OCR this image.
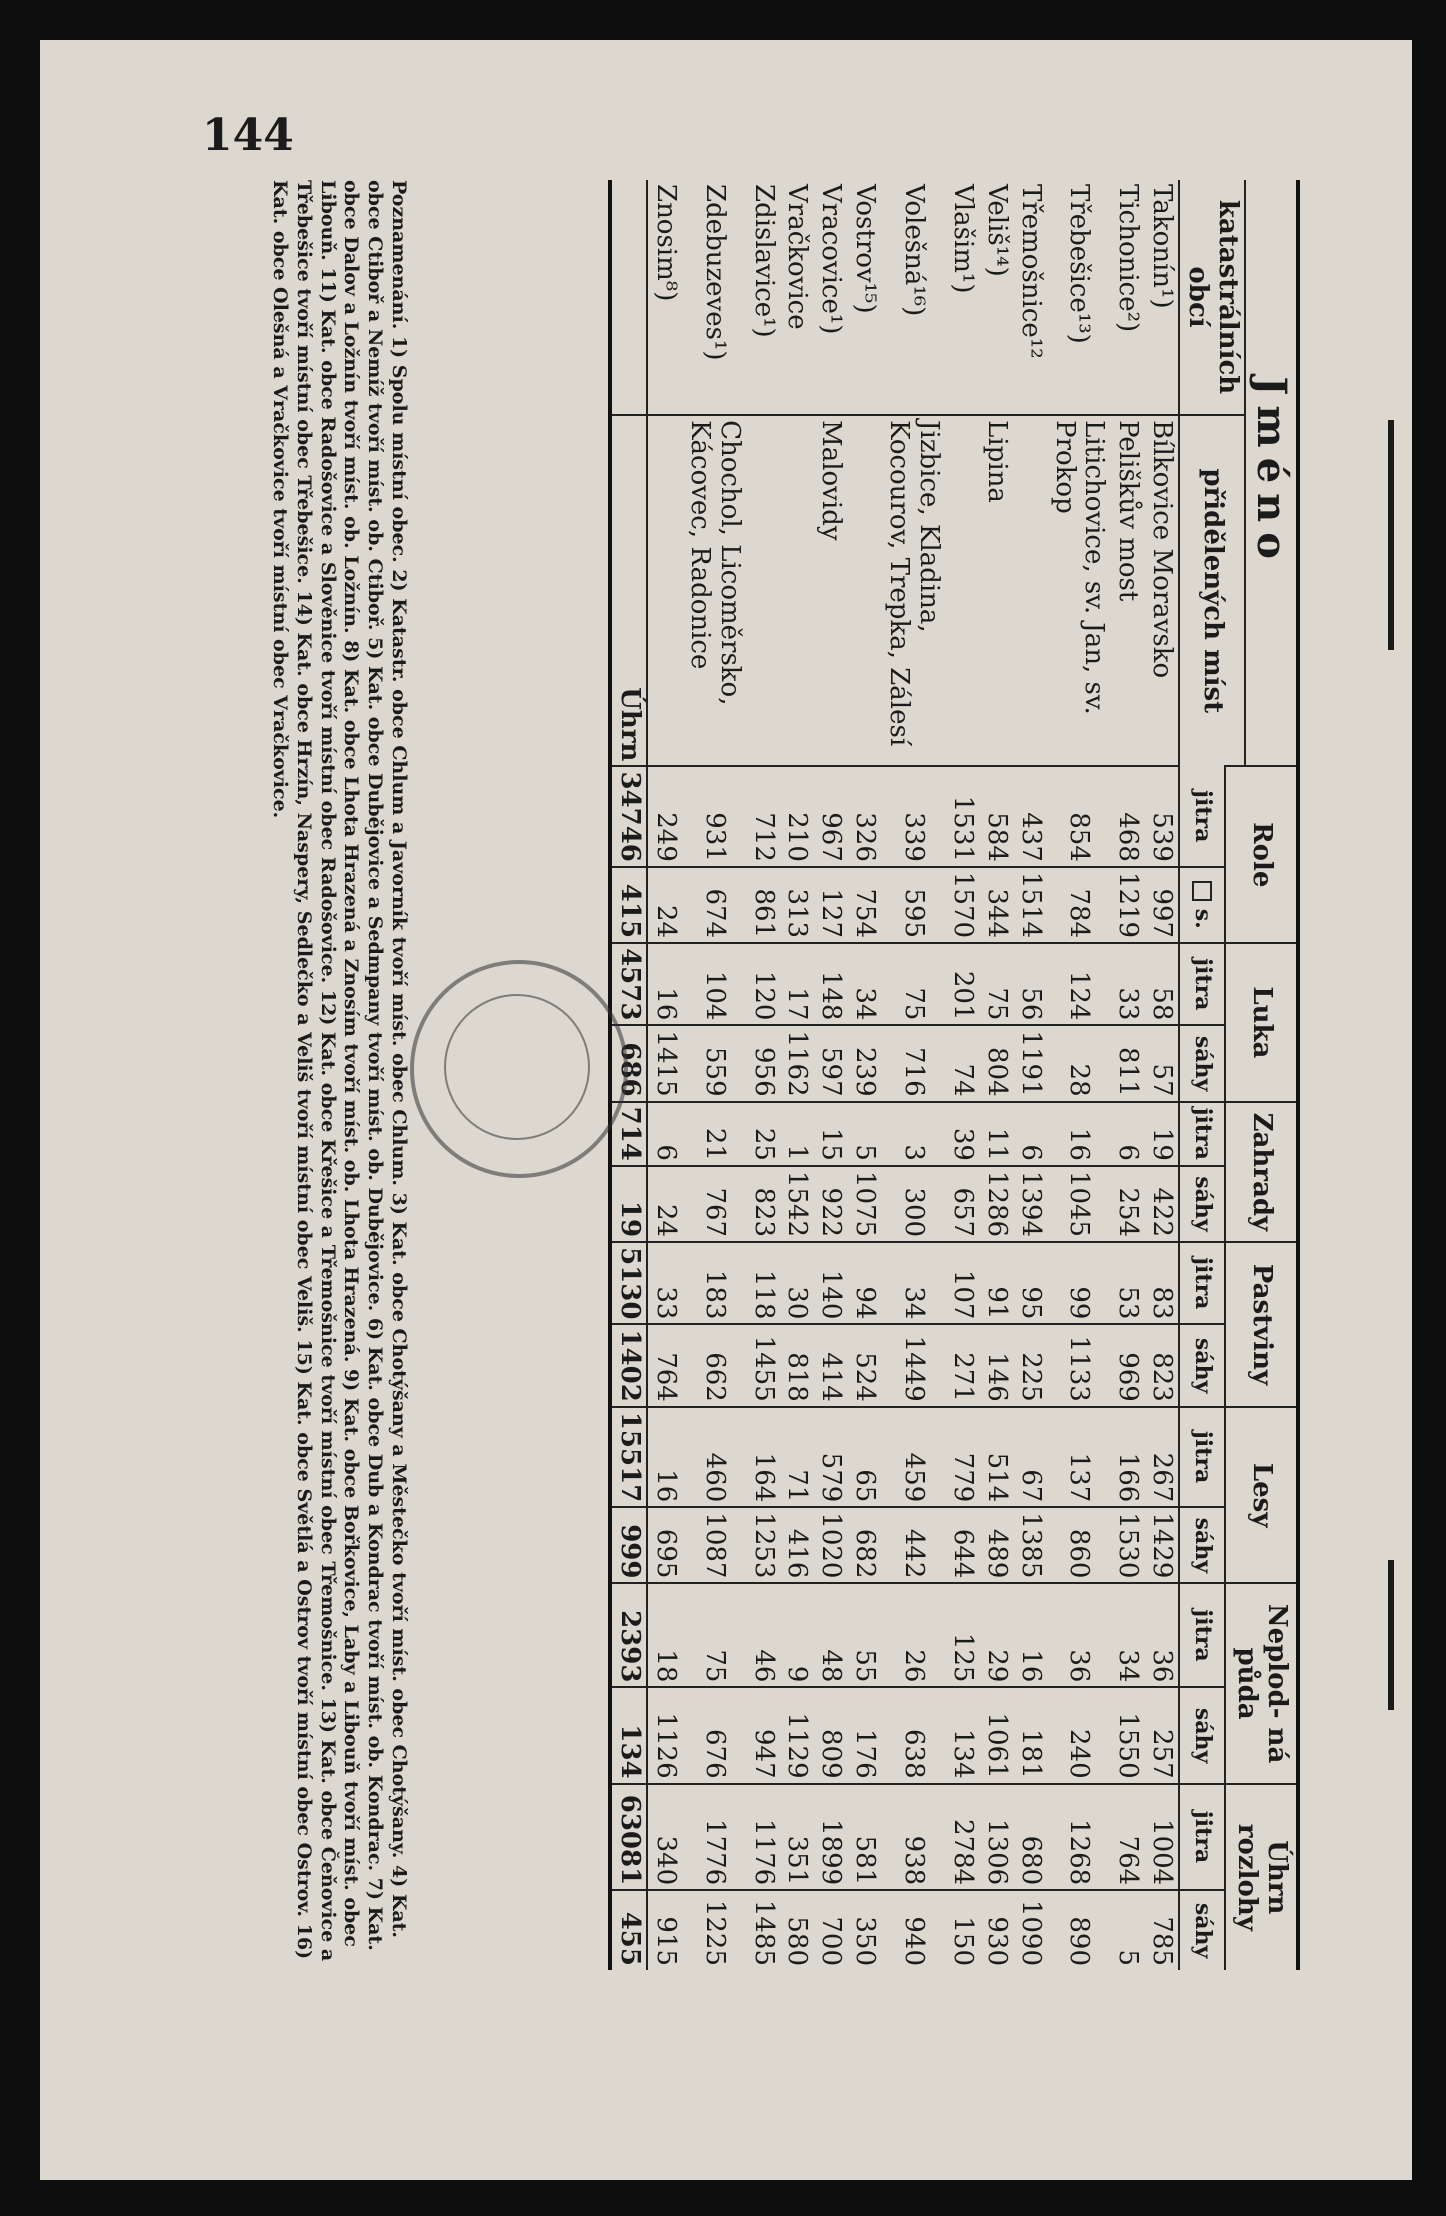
144
Jméno		Role		Luka		Zahrady		Pastviny		Lesy		Neplod- ná půda		Úhrn rozlohy	
katastrálních obcí	přidělených míst														
		jitra	s.	jitra	sáhy	jitra	sáhy	jitra	sáhy	jitra	sáhy	jitra	sáhy	jitra	sáhy
Takonín¹)	Bílkovice Moravsko	539	997	58	57	19	422	83	823	267	1429	36	257	1004	785
Tichonice²)	Peliškův most	468	1219	33	811	6	254	53	969	166	1530	34	1550	764	5
Třebešice¹³)	Litichovice, sv. Jan, sv. Prokop	854	784	124	28	16	1045	99	1133	137	860	36	240	1268	890
Třemošnice¹²		437	1514	56	1191	6	1394	95	225	67	1385	16	181	680	1090
Veliš¹⁴)	Lipina	584	344	75	804	11	1286	91	146	514	489	29	1061	1306	930
Vlašim¹)		1531	1570	201	74	39	657	107	271	779	644	125	134	2784	150
Volešná¹⁶)	Jizbice, Kladina, Kocourov, Trepka, Zálesí	339	595	75	716	3	300	34	1449	459	442	26	638	938	940
Vostrov¹⁵)		326	754	34	239	5	1075	94	524	65	682	55	176	581	350
Vracovice¹)	Malovidy	967	127	148	597	15	922	140	414	579	1020	48	809	1899	700
Vračkovice		210	313	17	1162	1	1542	30	818	71	416	9	1129	351	580
Zdislavice¹)		712	861	120	956	25	823	118	1455	164	1253	46	947	1176	1485
Zdebuzeves¹)	Chochol, Licoměrsko, Kácovec, Radonice	931	674	104	559	21	767	183	662	460	1087	75	676	1776	1225
Znosim⁸)		249	24	16	1415	6	24	33	764	16	695	18	1126	340	915
	Úhrn	34746	415	4573	686	714	19	5130	1402	15517	999	2393	134	63081	455
Poznamenání. 1) Spolu místní obec. 2) Katastr. obce Chlum a Javorník tvoří míst. obec Chlum. 3) Kat. obce Chotýšany a Městečko tvoří míst. obec Chotýšany. 4) Kat. obce Ctiboř a Nemíž tvoří míst. ob. Ctiboř. 5) Kat. obce Dubějovice a Sedmpany tvoří míst. ob. Dubějovice. 6) Kat. obce Dub a Kondrac tvoří míst. ob. Kondrac. 7) Kat. obce Dalov a Ložnín tvoří míst. ob. Ložnín. 8) Kat. obce Lhota Hrazená a Znosím tvoří míst. ob. Lhota Hrazená. 9) Kat. obce Bořkovice, Laby a Libouň tvoří míst. obec Libouň. 11) Kat. obce Radošovice a Slověnice tvoří místní obec Radošovice. 12) Kat. obce Křešice a Třemošnice tvoří místní obec Třemošnice. 13) Kat. obce Čeňovice a Třebešice tvoří místní obec Třebešice. 14) Kat. obce Hrzín, Naspery, Sedlečko a Veliš tvoří místní obec Veliš. 15) Kat. obce Světlá a Ostrov tvoří místní obec Ostrov. 16) Kat. obce Olešná a Vračkovice tvoří místní obec Vračkovice.
